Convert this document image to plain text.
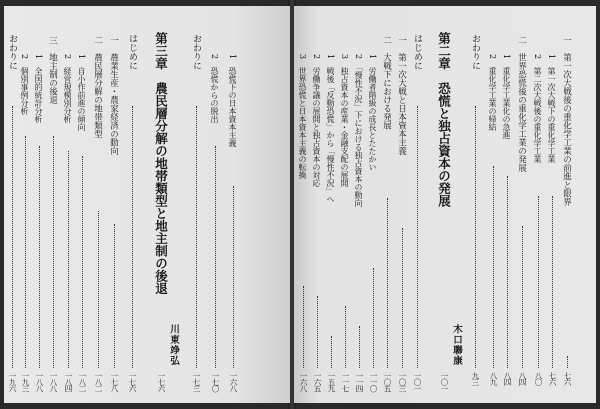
1　恐慌下の日本資本主義
一六八
2　恐慌からの脱出
一七〇
おわりに
一七三
第三章　農民層分解の地帯類型と地主制の後退
川東竫弘
一七六
はじめに
一七六
一　農業生産・農家経済の動向
一七八
二　農民層分解の地帯類型
一八二
1　自小作前進の傾向
一八二
2　経営規模別分析
一八四
三　地主制の後退
一八八
1　全国的統計分析
一八八
2　個別事例分析
一九三
おわりに
一九六
3　世界恐慌と日本資本主義の転換
一六八
2　労働争議の展開と独占資本の対応
一六五
1　戦後「反動恐慌」から「慢性不況」へ
一五九
3　独占資本の産業・金融支配の展開
一一七
2　「慢性不況」下における独占資本の動向
一一四
1　労働者階級の成長とたたかい
一一〇
二　大戦下における発展
一〇五
一　第一次大戦と日本資本主義
一〇三
はじめに
一〇一
第二章　恐慌と独占資本の発展
木口聯康
一〇一
おわりに
九三
2　重化学工業の帰結
八九
1　重化学工業化の急進
八四
二　世界恐慌後の重化学工業の発展
八四
2　第二次大戦後の重化学工業
八〇
1　第一次大戦下の重化学工業
七六
一　第一次大戦後の重化学工業の前進と限界
七六
